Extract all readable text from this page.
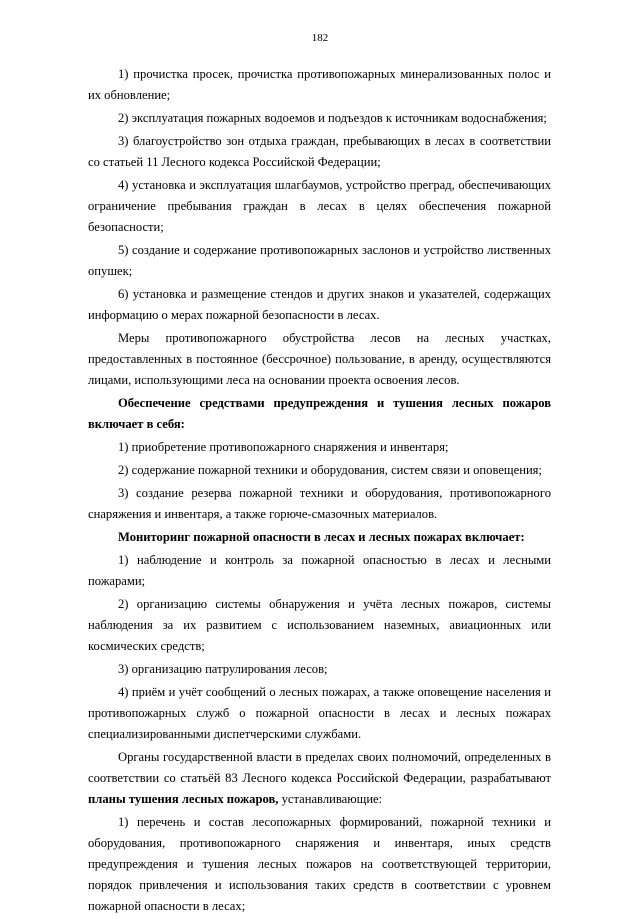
182

1) прочистка просек, прочистка противопожарных минерализованных полос и их обновление;

2) эксплуатация пожарных водоемов и подъездов к источникам водоснабжения;

3) благоустройство зон отдыха граждан, пребывающих в лесах в соответствии со статьей 11 Лесного кодекса Российской Федерации;

4) установка и эксплуатация шлагбаумов, устройство преград, обеспечивающих ограничение пребывания граждан в лесах в целях обеспечения пожарной безопасности;

5) создание и содержание противопожарных заслонов и устройство лиственных опушек;

6) установка и размещение стендов и других знаков и указателей, содержащих информацию о мерах пожарной безопасности в лесах.

Меры противопожарного обустройства лесов на лесных участках, предоставленных в постоянное (бессрочное) пользование, в аренду, осуществляются лицами, использующими леса на основании проекта освоения лесов.

Обеспечение средствами предупреждения и тушения лесных пожаров включает в себя:

1) приобретение противопожарного снаряжения и инвентаря;

2) содержание пожарной техники и оборудования, систем связи и оповещения;

3) создание резерва пожарной техники и оборудования, противопожарного снаряжения и инвентаря, а также горюче-смазочных материалов.

Мониторинг пожарной опасности в лесах и лесных пожарах включает:

1) наблюдение и контроль за пожарной опасностью в лесах и лесными пожарами;

2) организацию системы обнаружения и учёта лесных пожаров, системы наблюдения за их развитием с использованием наземных, авиационных или космических средств;

3) организацию патрулирования лесов;

4) приём и учёт сообщений о лесных пожарах, а также оповещение населения и противопожарных служб о пожарной опасности в лесах и лесных пожарах специализированными диспетчерскими службами.

Органы государственной власти в пределах своих полномочий, определенных в соответствии со статьёй 83 Лесного кодекса Российской Федерации, разрабатывают планы тушения лесных пожаров, устанавливающие:

1) перечень и состав лесопожарных формирований, пожарной техники и оборудования, противопожарного снаряжения и инвентаря, иных средств предупреждения и тушения лесных пожаров на соответствующей территории, порядок привлечения и использования таких средств в соответствии с уровнем пожарной опасности в лесах;
